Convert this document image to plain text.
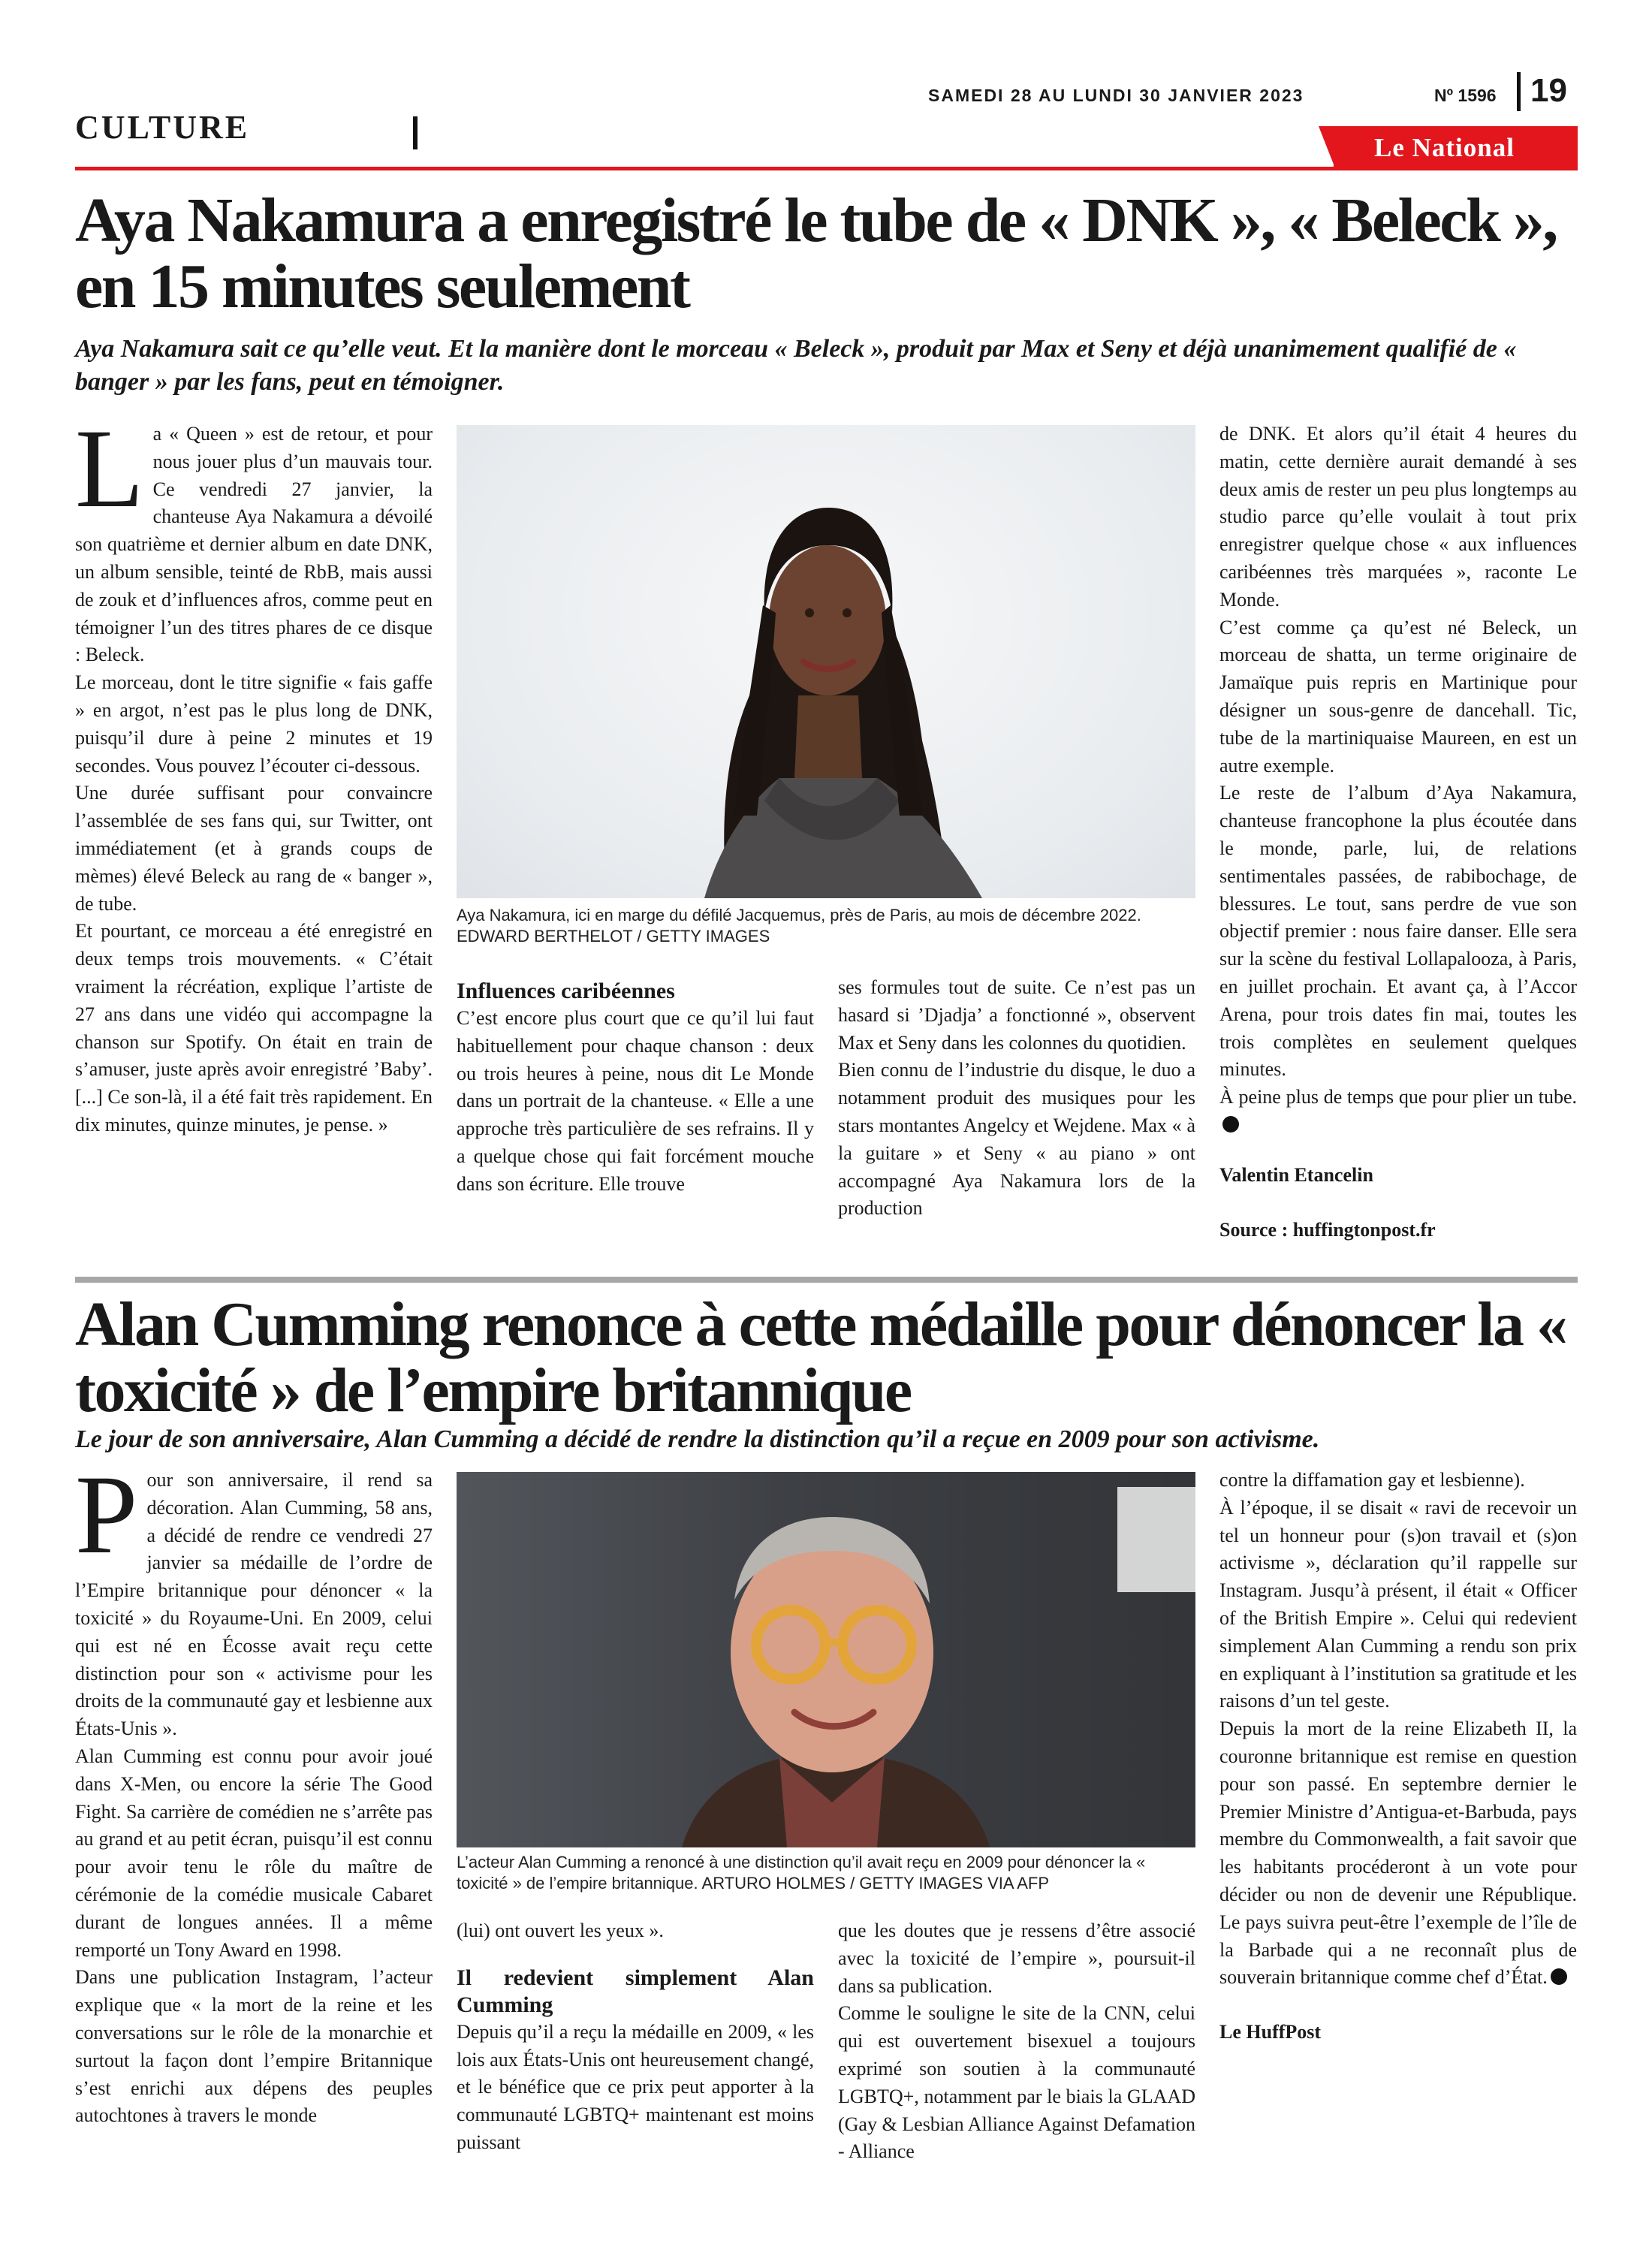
SAMEDI 28 AU LUNDI 30 JANVIER 2023	Nº 1596 19
CULTURE
Le National
Aya Nakamura a enregistré le tube de « DNK », « Beleck »,
en 15 minutes seulement

Aya Nakamura sait ce qu’elle veut. Et la manière dont le morceau « Beleck », produit par Max et Seny et déjà unanimement qualifié de « banger » par les fans, peut en témoigner.

L a « Queen » est de retour, et pour nous jouer plus d’un mauvais tour. Ce vendredi 27 janvier, la chanteuse Aya Nakamura a dévoilé son quatrième et dernier album en date DNK, un album sensible, teinté de RbB, mais aussi de zouk et d’influences afros, comme peut en témoigner l’un des titres phares de ce disque : Beleck.

Le morceau, dont le titre signifie « fais gaffe » en argot, n’est pas le plus long de DNK, puisqu’il dure à peine 2 minutes et 19 secondes. Vous pouvez l’écouter ci-dessous.

Une durée suffisant pour convaincre l’assemblée de ses fans qui, sur Twitter, ont immédiatement (et à grands coups de mèmes) élevé Beleck au rang de « banger », de tube.

Et pourtant, ce morceau a été enregistré en deux temps trois mouvements. « C’était vraiment la récréation, explique l’artiste de 27 ans dans une vidéo qui accompagne la chanson sur Spotify. On était en train de s’amuser, juste après avoir enregistré ’Baby’. [...] Ce son-là, il a été fait très rapidement. En dix minutes, quinze minutes, je pense. »

Aya Nakamura, ici en marge du défilé Jacquemus, près de Paris, au mois de décembre 2022.

EDWARD BERTHELOT / GETTY IMAGES

Influences caribéennes

C’est encore plus court que ce qu’il lui faut habituellement pour chaque chanson : deux ou trois heures à peine, nous dit Le Monde dans un portrait de la chanteuse. « Elle a une approche très particulière de ses refrains. Il y a quelque chose qui fait forcément mouche dans son écriture. Elle trouve

ses formules tout de suite. Ce n’est pas un hasard si ’Djadja’ a fonctionné », observent Max et Seny dans les colonnes du quotidien.

Bien connu de l’industrie du disque, le duo a notamment produit des musiques pour les stars montantes Angelcy et Wejdene. Max « à la guitare » et Seny « au piano » ont accompagné Aya Nakamura lors de la production

de DNK. Et alors qu’il était 4 heures du matin, cette dernière aurait demandé à ses deux amis de rester un peu plus longtemps au studio parce qu’elle voulait à tout prix enregistrer quelque chose « aux influences caribéennes très marquées », raconte Le Monde.

C’est comme ça qu’est né Beleck, un morceau de shatta, un terme originaire de Jamaïque puis repris en Martinique pour désigner un sous-genre de dancehall. Tic, tube de la martiniquaise Maureen, en est un autre exemple.

Le reste de l’album d’Aya Nakamura, chanteuse francophone la plus écoutée dans le monde, parle, lui, de relations sentimentales passées, de rabibochage, de blessures. Le tout, sans perdre de vue son objectif premier : nous faire danser. Elle sera sur la scène du festival Lollapalooza, à Paris, en juillet prochain. Et avant ça, à l’Accor Arena, pour trois dates fin mai, toutes les trois complètes en seulement quelques minutes.

À peine plus de temps que pour plier un tube.

Valentin Etancelin

Source : huffingtonpost.fr

Alan Cumming renonce à cette médaille pour dénoncer la «
toxicité » de l’empire britannique

Le jour de son anniversaire, Alan Cumming a décidé de rendre la distinction qu’il a reçue en 2009 pour son activisme.

P our son anniversaire, il rend sa décoration. Alan Cumming, 58 ans, a décidé de rendre ce vendredi 27 janvier sa médaille de l’ordre de l’Empire britannique pour dénoncer « la toxicité » du Royaume-Uni. En 2009, celui qui est né en Écosse avait reçu cette distinction pour son « activisme pour les droits de la communauté gay et lesbienne aux États-Unis ».

Alan Cumming est connu pour avoir joué dans X-Men, ou encore la série The Good Fight. Sa carrière de comédien ne s’arrête pas au grand et au petit écran, puisqu’il est connu pour avoir tenu le rôle du maître de cérémonie de la comédie musicale Cabaret durant de longues années. Il a même remporté un Tony Award en 1998.

Dans une publication Instagram, l’acteur explique que « la mort de la reine et les conversations sur le rôle de la monarchie et surtout la façon dont l’empire Britannique s’est enrichi aux dépens des peuples autochtones à travers le monde

L’acteur Alan Cumming a renoncé à une distinction qu’il avait reçu en 2009 pour dénoncer la « toxicité » de l’empire britannique. ARTURO HOLMES / GETTY IMAGES VIA AFP

(lui) ont ouvert les yeux ».

Il redevient simplement Alan Cumming

Depuis qu’il a reçu la médaille en 2009, « les lois aux États-Unis ont heureusement changé, et le bénéfice que ce prix peut apporter à la communauté LGBTQ+ maintenant est moins puissant

que les doutes que je ressens d’être associé avec la toxicité de l’empire », poursuit-il dans sa publication.

Comme le souligne le site de la CNN, celui qui est ouvertement bisexuel a toujours exprimé son soutien à la communauté LGBTQ+, notamment par le biais la GLAAD (Gay & Lesbian Alliance Against Defamation - Alliance

contre la diffamation gay et lesbienne).

À l’époque, il se disait « ravi de recevoir un tel un honneur pour (s)on travail et (s)on activisme », déclaration qu’il rappelle sur Instagram. Jusqu’à présent, il était « Officer of the British Empire ». Celui qui redevient simplement Alan Cumming a rendu son prix en expliquant à l’institution sa gratitude et les raisons d’un tel geste.

Depuis la mort de la reine Elizabeth II, la couronne britannique est remise en question pour son passé. En septembre dernier le Premier Ministre d’Antigua-et-Barbuda, pays membre du Commonwealth, a fait savoir que les habitants procéderont à un vote pour décider ou non de devenir une République. Le pays suivra peut-être l’exemple de l’île de la Barbade qui a ne reconnaît plus de souverain britannique comme chef d’État.

Le HuffPost
